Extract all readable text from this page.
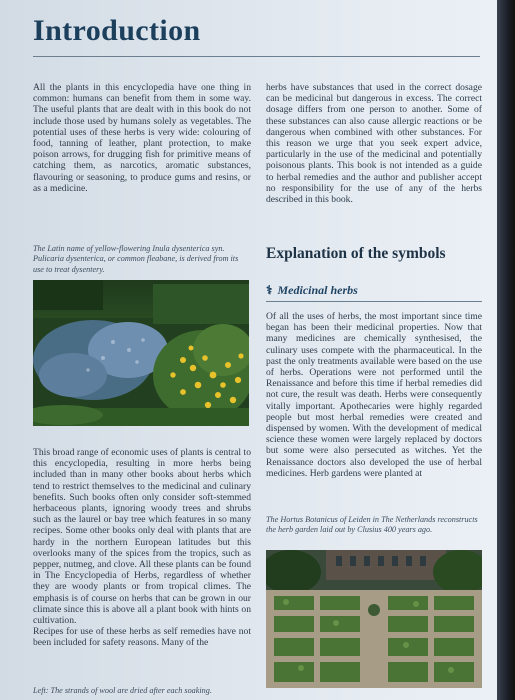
Introduction

All the plants in this encyclopedia have one thing in common: humans can benefit from them in some way. The useful plants that are dealt with in this book do not include those used by humans solely as vegetables. The potential uses of these herbs is very wide: colouring of food, tanning of leather, plant protection, to make poison arrows, for drugging fish for primitive means of catching them, as narcotics, aromatic substances, flavouring or seasoning, to produce gums and resins, or as a medicine.

The Latin name of yellow-flowering Inula dysenterica syn. Pulicaria dysenterica, or common fleabane, is derived from its use to treat dysentery.

This broad range of economic uses of plants is central to this encyclopedia, resulting in more herbs being included than in many other books about herbs which tend to restrict themselves to the medicinal and culinary benefits. Such books often only consider soft-stemmed herbaceous plants, ignoring woody trees and shrubs such as the laurel or bay tree which features in so many recipes. Some other books only deal with plants that are hardy in the northern European latitudes but this overlooks many of the spices from the tropics, such as pepper, nutmeg, and clove. All these plants can be found in The Encyclopedia of Herbs, regardless of whether they are woody plants or from tropical climes. The emphasis is of course on herbs that can be grown in our climate since this is above all a plant book with hints on cultivation.

Recipes for use of these herbs as self remedies have not been included for safety reasons. Many of the

Left: The strands of wool are dried after each soaking.

herbs have substances that used in the correct dosage can be medicinal but dangerous in excess. The correct dosage differs from one person to another. Some of these substances can also cause allergic reactions or be dangerous when combined with other substances. For this reason we urge that you seek expert advice, particularly in the use of the medicinal and potentially poisonous plants. This book is not intended as a guide to herbal remedies and the author and publisher accept no responsibility for the use of any of the herbs described in this book.

Explanation of the symbols
⚕ Medicinal herbs

Of all the uses of herbs, the most important since time began has been their medicinal properties. Now that many medicines are chemically synthesised, the culinary uses compete with the pharmaceutical. In the past the only treatments available were based on the use of herbs. Operations were not performed until the Renaissance and before this time if herbal remedies did not cure, the result was death. Herbs were consequently vitally important. Apothecaries were highly regarded people but most herbal remedies were created and dispensed by women. With the development of medical science these women were largely replaced by doctors but some were also persecuted as witches. Yet the Renaissance doctors also developed the use of herbal medicines. Herb gardens were planted at

The Hortus Botanicus of Leiden in The Netherlands reconstructs the herb garden laid out by Clusius 400 years ago.
